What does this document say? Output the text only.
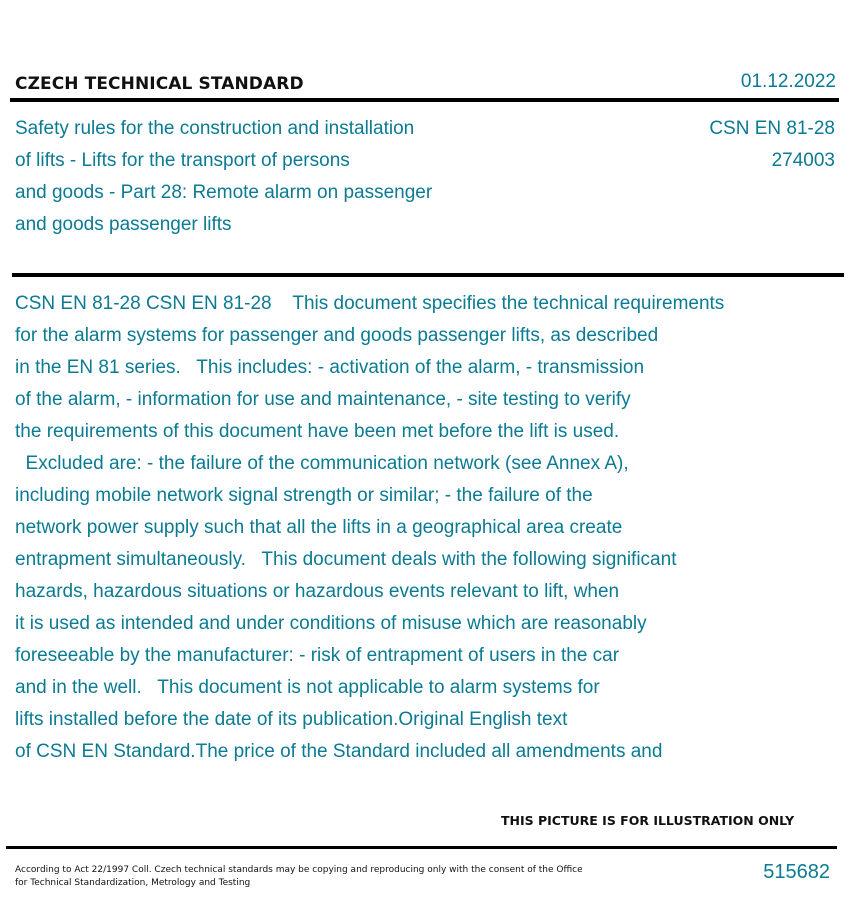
CZECH TECHNICAL STANDARD	01.12.2022
Safety rules for the construction and installation
of lifts - Lifts for the transport of persons
and goods - Part 28: Remote alarm on passenger
and goods passenger lifts
CSN EN 81-28
274003
CSN EN 81-28 CSN EN 81-28    This document specifies the technical requirements
for the alarm systems for passenger and goods passenger lifts, as described
in the EN 81 series.   This includes: - activation of the alarm, - transmission
of the alarm, - information for use and maintenance, - site testing to verify
the requirements of this document have been met before the lift is used.
Excluded are: - the failure of the communication network (see Annex A),
including mobile network signal strength or similar; - the failure of the
network power supply such that all the lifts in a geographical area create
entrapment simultaneously.   This document deals with the following significant
hazards, hazardous situations or hazardous events relevant to lift, when
it is used as intended and under conditions of misuse which are reasonably
foreseeable by the manufacturer: - risk of entrapment of users in the car
and in the well.   This document is not applicable to alarm systems for
lifts installed before the date of its publication.Original English text
of CSN EN Standard.The price of the Standard included all amendments and
THIS PICTURE IS FOR ILLUSTRATION ONLY
According to Act 22/1997 Coll. Czech technical standards may be copying and reproducing only with the consent of the Office
for Technical Standardization, Metrology and Testing	515682
